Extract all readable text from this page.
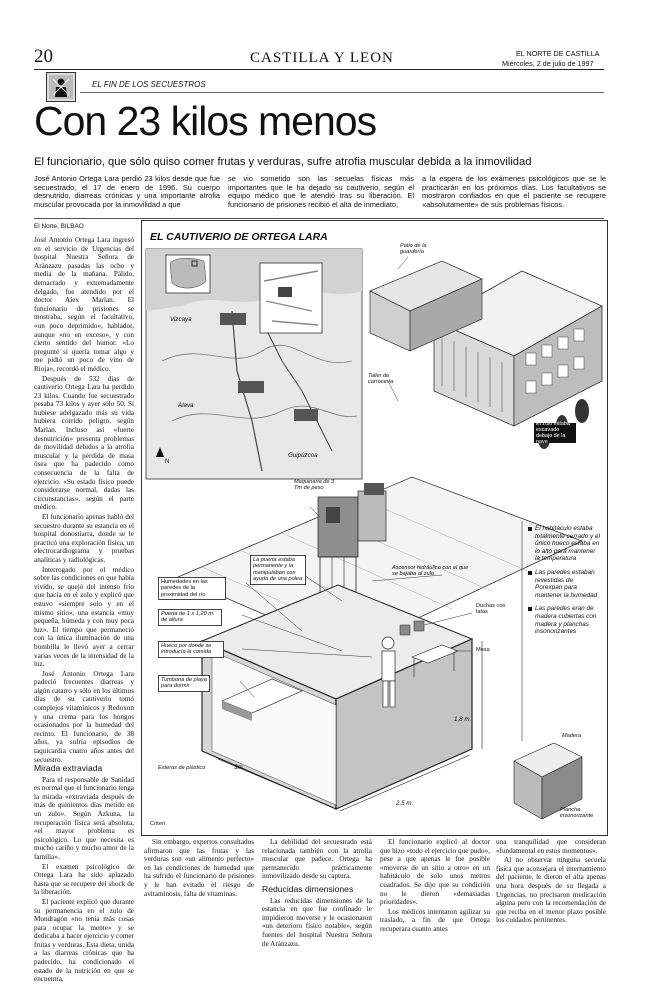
20	CASTILLA Y LEON	EL NORTE DE CASTILLA
Miércoles, 2 de julio de 1997
EL FIN DE LOS SECUESTROS
Con 23 kilos menos
El funcionario, que sólo quiso comer frutas y verduras, sufre atrofia muscular debida a la inmovilidad
José Antonio Ortega Lara perdió 23 kilos desde que fue secuestrado, el 17 de enero de 1996. Su cuerpo desnutrido, diarreas crónicas y una importante atrofia muscular provocada por la inmovilidad a que
se vio sometido son las secuelas físicas más importantes que le ha dejado su cautiverio, según el equipo médico que le atendió tras su liberación. El funcionario de prisiones recibió el alta de inmediato,
a la espera de los exámenes psicológicos que se le practicarán en los próximos días. Los facultativos se mostraron confiados en que el paciente se recupere «absolutamente» de sus problemas físicos.
El Norte, BILBAO

José Antonio Ortega Lara ingresó en el servicio de Urgencias del hospital Nuestra Señora de Aránzazu pasadas las ocho y media de la mañana. Pálido, demacrado y extremadamente delgado, fue atendido por el doctor Alex Marlan. El funcionario de prisiones se mostraba, según el facultativo, «un poco deprimido», hablador, aunque «no en exceso», y con cierto sentido del humor. «Lo pregunté si quería tomar algo y me pidió un poco de vino de Rioja», recordó el médico.

Después de 532 días de cautiverio Ortega Lara ha perdido 23 kilos. Cuando fue secuestrado pesaba 73 kilos y ayer sólo 50. Si hubiese adelgazado más su vida hubiera corrido peligro, según Marlan. Incluso así «fuerte desnutrición» presenta problemas de movilidad debidos a la atrofia muscular y la pérdida de masa ósea que ha padecido como consecuencia de la falta de ejercicio. «Su estado físico puede considerarse normal, dadas las circunstancias», según el parte médico.

El funcionario apenas habló del secuestro durante su estancia en el hospital donostiarra, donde se le practicó una exploración física, un electrocardiograma y pruebas analíticas y radiológicas.

Interrogado por el médico sobre las condiciones en que había vivido, se quejó del intenso frío que hacía en el zulo y explicó que estuvo «siempre solo y en el mismo sitio», una estancia «muy pequeña, húmeda y con muy poca luz». El tiempo que permaneció con la única iluminación de una bombilla le llevó ayer a cerrar varias veces de la intensidad de la luz.

José Antonio Ortega Lara padeció frecuentes diarreas y algún catarro y sólo en los últimos días de su cautiverio tomó complejos vitamínicos y Redoxon y una crema para los hongos ocasionados por la humedad del recinto. El funcionario, de 38 años, ya sufría episodios de taquicardia cuatro años antes del secuestro.

Mirada extraviada

Para el responsable de Sanidad es normal que el funcionario tenga la mirada «extraviada después de más de quinientos días metido en un zulo». Según Azkuna, la recuperación física será absoluta, «el mayor problema es psicológico. Lo que necesita es mucho cariño y mucho amor de la familia».

El examen psicológico de Ortega Lara ha sido aplazado hasta que se recupere del shock de la liberación.

El paciente explicó que durante su permanencia en el zulo de Mondragón «no tenía más cosas para ocupar la mente» y se dedicaba a hacer ejercicio y comer frutas y verduras. Esta dieta, unida a las diarreas crónicas que ha padecido, ha condicionado el estado de la nutrición en que se encuentra.

EL CAUTIVERIO DE ORTEGA LARA
Vizcaya
Alava
Guipúzcoa
N
Patio de la guardería
Taller de carrocería
El zulo estaba escavado debajo de la nave
Maquinaria de 3 Tm de peso
La puerta estaba permanente y la manipulaban con ayuda de una polea
Ascensor hidráulico con el que se bajaba al zulo
Humedades en las paredes de la proximidad del río
Puerta de 1 x 1,20 m. de altura
Hueco por donde se introducía la comida
Tumbona de playa para dormir
Duchas con latas
Mesa
Esteras de plástico	3m.
2,5 m.
1,8 m.
Madera
Plancha insonorizante
Criteri
El habitáculo estaba totalmente cerrado y el único hueco estaba en lo alto para mantener la temperatura
Las paredes estaban revestidas de Porexpan para mantener la humedad
Las paredes eran de madera cubiertas con madera y planchas insonorizantes

Sin embargo, expertos consultados afirmaron que las frutas y las verduras son «un alimento perfecto» en las condiciones de humedad que ha sufrido el funcionario de prisiones y le han evitado el riesgo de avitaminosis, falta de vitaminas.

La debilidad del secuestrado está relacionada también con la atrofia muscular que padece. Ortega ha permanecido prácticamente inmovilizado desde su captura.

Reducidas dimensiones

Las reducidas dimensiones de la estancia en que fue confinado le impidieron moverse y le ocasionaron «un deterioro físico notable», según fuentes del hospital Nuestra Señora de Aránzazu.

El funcionario explicó al doctor que hizo «todo el ejercicio que pudo», pese a que apenas le fue posible «moverse de un sitio a otro» en un habitáculo de solo unos metros cuadrados. Se dijo que su condición no le dieron «demasiadas prioridades».

Los médicos intentaron agilizar su traslado, a fin de que Ortega recuperara cuanto antes

una tranquilidad que consideran «fundamental en estos momentos».

Al no observar ninguna secuela física que aconsejara el internamiento del paciente, le dieron el alta apenas una hora después de su llegada a Urgencias, no precisaron medicación alguna pero con la recomendación de que reciba en el menor plazo posible los cuidados pertinentes.
